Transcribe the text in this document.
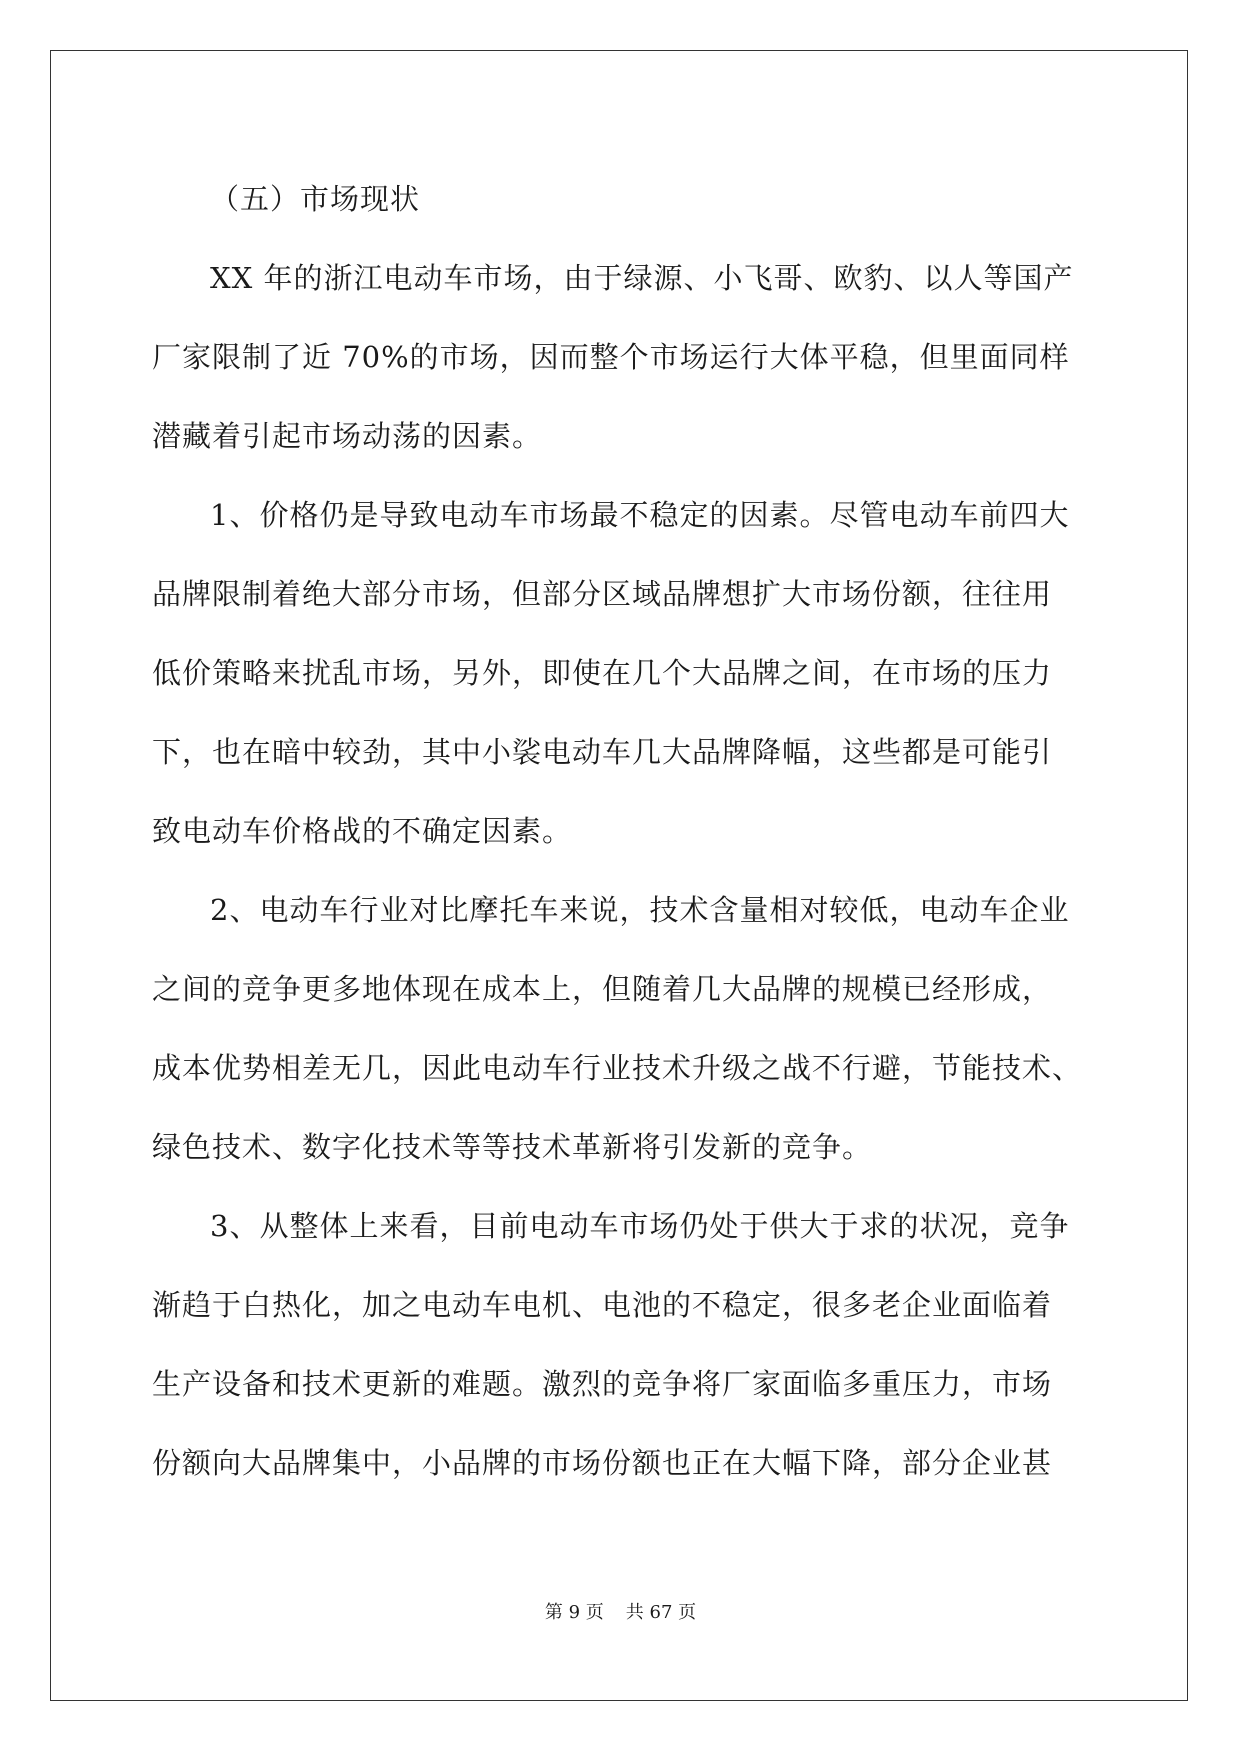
（五）市场现状
XX 年的浙江电动车市场，由于绿源、小飞哥、欧豹、以人等国产
厂家限制了近 70%的市场，因而整个市场运行大体平稳，但里面同样
潜藏着引起市场动荡的因素。
1、价格仍是导致电动车市场最不稳定的因素。尽管电动车前四大
品牌限制着绝大部分市场，但部分区域品牌想扩大市场份额，往往用
低价策略来扰乱市场，另外，即使在几个大品牌之间，在市场的压力
下，也在暗中较劲，其中小裟电动车几大品牌降幅，这些都是可能引
致电动车价格战的不确定因素。
2、电动车行业对比摩托车来说，技术含量相对较低，电动车企业
之间的竞争更多地体现在成本上，但随着几大品牌的规模已经形成，
成本优势相差无几，因此电动车行业技术升级之战不行避，节能技术、
绿色技术、数字化技术等等技术革新将引发新的竞争。
3、从整体上来看，目前电动车市场仍处于供大于求的状况，竞争
渐趋于白热化，加之电动车电机、电池的不稳定，很多老企业面临着
生产设备和技术更新的难题。激烈的竞争将厂家面临多重压力，市场
份额向大品牌集中，小品牌的市场份额也正在大幅下降，部分企业甚
第 9 页 共 67 页
